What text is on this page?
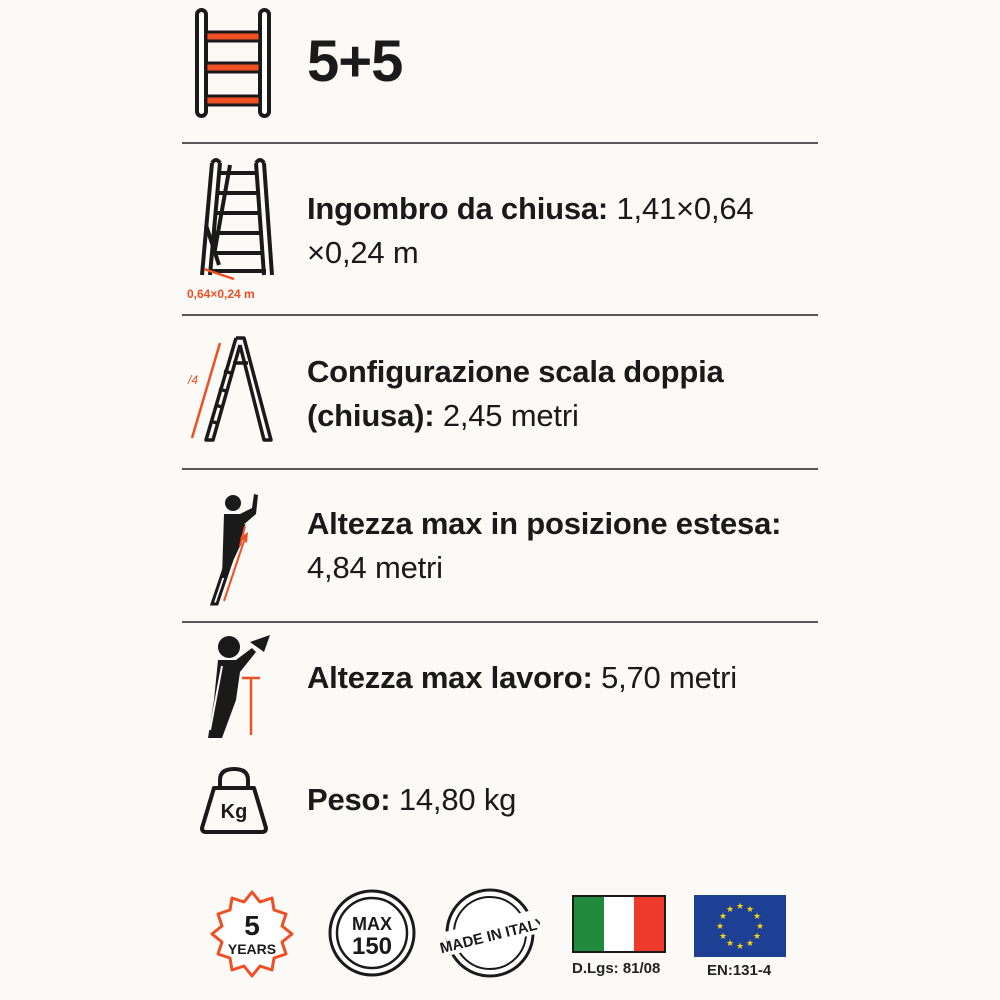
5+5
0,64×0,24 m
Ingombro da chiusa: 1,41×0,64
×0,24 m
/4	Configurazione scala doppia
(chiusa): 2,45 metri
Altezza max in posizione estesa:
4,84 metri
Altezza max lavoro: 5,70 metri
Kg Peso: 14,80 kg
5
YEARS
MAX
150	MADE IN ITALY
D.Lgs: 81/08
★ ★
★
★
★
★
★
★
★
★
★
★
EN:131-4
